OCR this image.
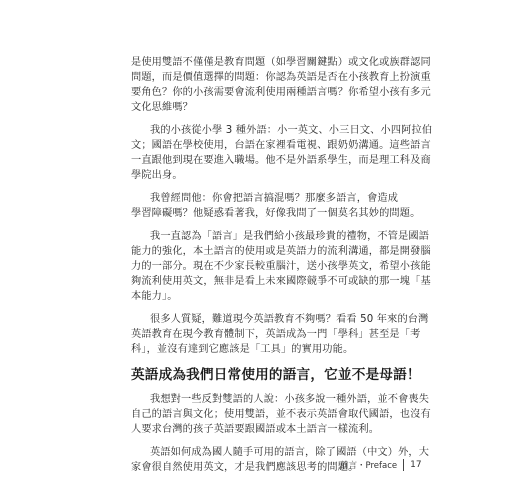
是使用雙語不僅僅是教育問題（如學習關鍵點）或文化或族群認同
問題，而是價值選擇的問題：你認為英語是否在小孩教育上扮演重
要角色？你的小孩需要會流利使用兩種語言嗎？你希望小孩有多元
文化思維嗎？
我的小孩從小學 3 種外語：小一英文、小三日文、小四阿拉伯
文；國語在學校使用，台語在家裡看電視、跟奶奶溝通。這些語言
一直跟他到現在要進入職場。他不是外語系學生，而是理工科及商
學院出身。
我曾經問他：你會把語言搞混嗎？那麼多語言，會造成
學習障礙嗎？他疑惑看著我，好像我問了一個莫名其妙的問題。
我一直認為「語言」是我們給小孩最珍貴的禮物，不管是國語
能力的強化，本土語言的使用或是英語力的流利溝通，都是開發腦
力的一部分。現在不少家長較重腦汁，送小孩學英文，希望小孩能
夠流利使用英文，無非是看上未來國際競爭不可或缺的那一塊「基
本能力」。
很多人質疑，難道現今英語教育不夠嗎？看看 50 年來的台灣
英語教育在現今教育體制下，英語成為一門「學科」甚至是「考
科」，並沒有達到它應該是「工具」的實用功能。
英語成為我們日常使用的語言，它並不是母語！
我想對一些反對雙語的人說：小孩多說一種外語，並不會喪失
自己的語言與文化；使用雙語，並不表示英語會取代國語，也沒有
人要求台灣的孩子英語要跟國語或本土語言一樣流利。
英語如何成為國人隨手可用的語言，除了國語（中文）外，大
家會很自然使用英文，才是我們應該思考的問題。
前言・Preface 17
